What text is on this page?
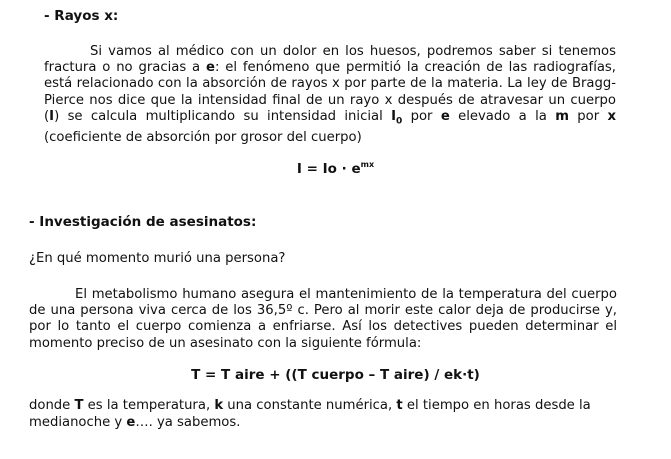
- Rayos x:
Si vamos al médico con un dolor en los huesos, podremos saber si tenemos fractura o no gracias a e: el fenómeno que permitió la creación de las radiografías, está relacionado con la absorción de rayos x por parte de la materia. La ley de Bragg-Pierce nos dice que la intensidad final de un rayo x después de atravesar un cuerpo (I) se calcula multiplicando su intensidad inicial $I_0$ por e elevado a la m por x (coeficiente de absorción por grosor del cuerpo)
$I = Io \cdot e^{mx}$
- Investigación de asesinatos:
¿En qué momento murió una persona?
El metabolismo humano asegura el mantenimiento de la temperatura del cuerpo de una persona viva cerca de los 36,5º c. Pero al morir este calor deja de producirse y, por lo tanto el cuerpo comienza a enfriarse. Así los detectives pueden determinar el momento preciso de un asesinato con la siguiente fórmula:
T = T aire + ((T cuerpo – T aire) / ek·t)
donde T es la temperatura, k una constante numérica, t el tiempo en horas desde la medianoche y e…. ya sabemos.
